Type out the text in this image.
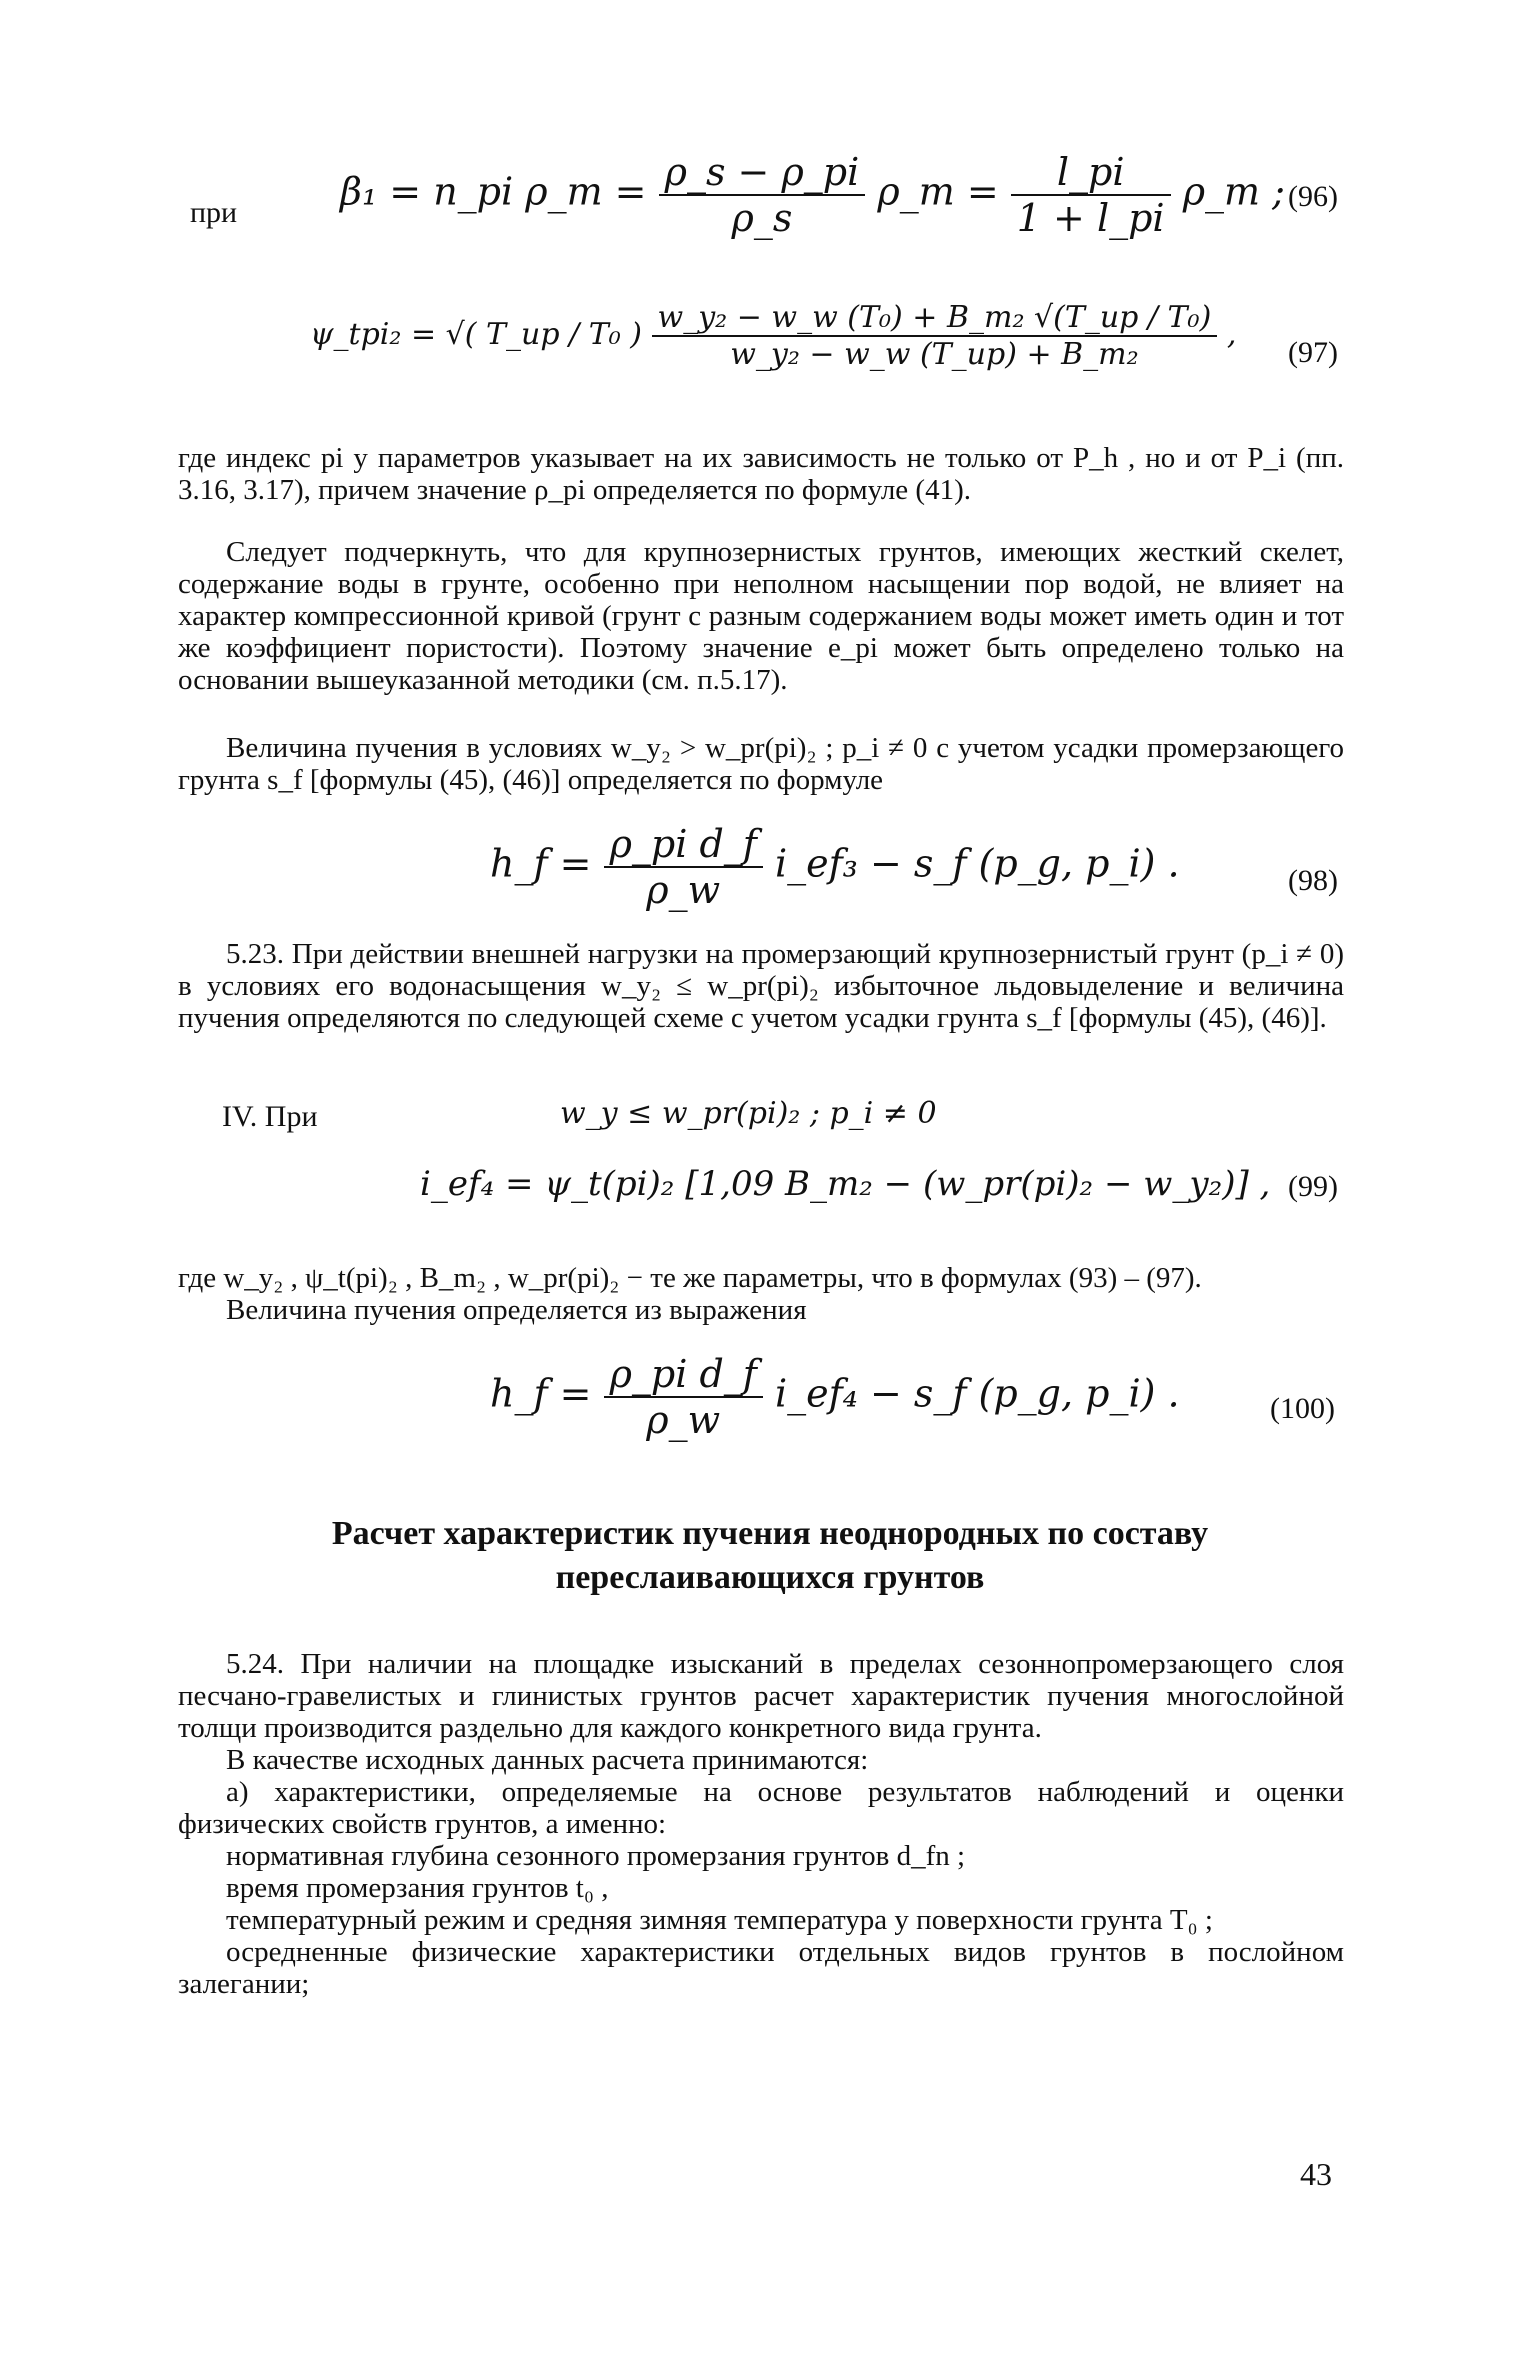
при	β₁ = n_pi ρ_m = $\frac{\rho\_s - \rho\_pi}{\rho\_s}$ ρ_m = $\frac{l\_pi}{1 + l\_pi}$ ρ_m ; (96)
ψ_tpi₂ = √( T_up / T₀ ) $\frac{\text{w\_y₂ − w\_w (T₀) + B\_m₂ √(T\_up / T₀)}}{\text{w\_y₂ − w\_w (T\_up) + B\_m₂}}$ ,
(97)

где индекс pi у параметров указывает на их зависимость не только от P_h , но и от P_i (пп. 3.16, 3.17), причем значение ρ_pi определяется по формуле (41).

Следует подчеркнуть, что для крупнозернистых грунтов, имеющих жесткий скелет, содержание воды в грунте, особенно при неполном насыщении пор водой, не влияет на характер компрессионной кривой (грунт с разным содержанием воды может иметь один и тот же коэффициент пористости). Поэтому значение e_pi может быть определено только на основании вышеуказанной методики (см. п.5.17).

Величина пучения в условиях w_y₂ > w_pr(pi)₂ ; p_i ≠ 0 с учетом усадки промерзающего грунта s_f [формулы (45), (46)] определяется по формуле

h_f = $\frac{\text{ρ\_pi d\_f}}{\rho\_w}$ i_ef₃ − s_f (p_g, p_i) .	(98)

5.23. При действии внешней нагрузки на промерзающий крупнозернистый грунт (p_i ≠ 0) в условиях его водонасыщения w_y₂ ≤ w_pr(pi)₂ избыточное льдовыделение и величина пучения определяются по следующей схеме с учетом усадки грунта s_f [формулы (45), (46)].

IV. При	w_y ≤ w_pr(pi)₂ ; p_i ≠ 0
i_ef₄ = ψ_t(pi)₂ [1,09 B_m₂ − (w_pr(pi)₂ − w_y₂)] , (99)

где w_y₂ , ψ_t(pi)₂ , B_m₂ , w_pr(pi)₂ − те же параметры, что в формулах (93) – (97).

Величина пучения определяется из выражения

h_f = $\frac{\text{ρ\_pi d\_f}}{\rho\_w}$ i_ef₄ − s_f (p_g, p_i) .	(100)
Расчет характеристик пучения неоднородных по составу переслаивающихся грунтов

5.24. При наличии на площадке изысканий в пределах сезоннопромерзающего слоя песчано-гравелистых и глинистых грунтов расчет характеристик пучения многослойной толщи производится раздельно для каждого конкретного вида грунта.

В качестве исходных данных расчета принимаются:

а) характеристики, определяемые на основе результатов наблюдений и оценки физических свойств грунтов, а именно:

нормативная глубина сезонного промерзания грунтов d_fn ;

время промерзания грунтов t₀ ,

температурный режим и средняя зимняя температура у поверхности грунта T₀ ;

осредненные физические характеристики отдельных видов грунтов в послойном залегании;

43
